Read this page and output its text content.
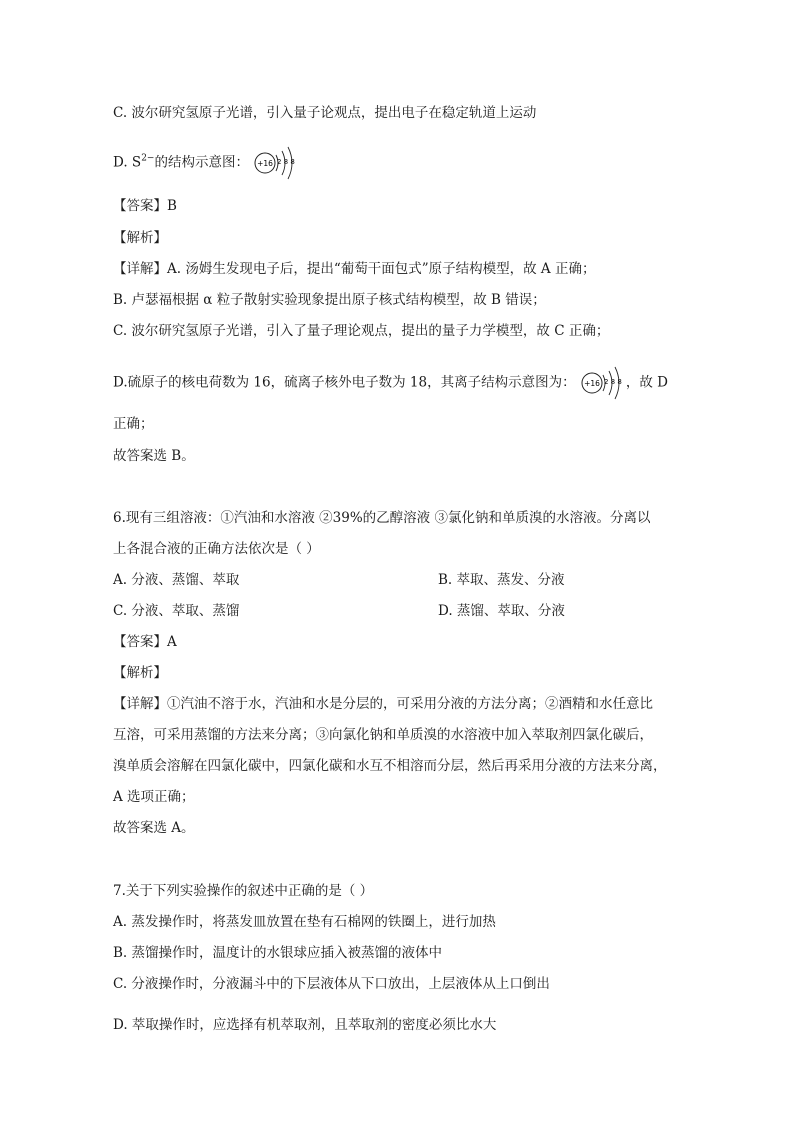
C. 波尔研究氢原子光谱，引入量子论观点，提出电子在稳定轨道上运动
D. $S^{2-}$的结构示意图： +16 2 8 8
【答案】B
【解析】
【详解】A. 汤姆生发现电子后，提出“葡萄干面包式”原子结构模型，故 A 正确；
B. 卢瑟福根据 α 粒子散射实验现象提出原子核式结构模型，故 B 错误；
C. 波尔研究氢原子光谱，引入了量子理论观点，提出的量子力学模型，故 C 正确；
D.硫原子的核电荷数为 16，硫离子核外电子数为 18，其离子结构示意图为： +16 2 8 8 ，故 D
正确；
故答案选 B。
6.现有三组溶液：①汽油和水溶液 ②39%的乙醇溶液 ③氯化钠和单质溴的水溶液。分离以
上各混合液的正确方法依次是（ ）
A. 分液、蒸馏、萃取	B. 萃取、蒸发、分液
C. 分液、萃取、蒸馏	D. 蒸馏、萃取、分液
【答案】A
【解析】
【详解】①汽油不溶于水，汽油和水是分层的，可采用分液的方法分离；②酒精和水任意比
互溶，可采用蒸馏的方法来分离；③向氯化钠和单质溴的水溶液中加入萃取剂四氯化碳后，
溴单质会溶解在四氯化碳中，四氯化碳和水互不相溶而分层，然后再采用分液的方法来分离，
A 选项正确；
故答案选 A。
7.关于下列实验操作的叙述中正确的是（ ）
A. 蒸发操作时，将蒸发皿放置在垫有石棉网的铁圈上，进行加热
B. 蒸馏操作时，温度计的水银球应插入被蒸馏的液体中
C. 分液操作时，分液漏斗中的下层液体从下口放出，上层液体从上口倒出
D. 萃取操作时，应选择有机萃取剂，且萃取剂的密度必须比水大
